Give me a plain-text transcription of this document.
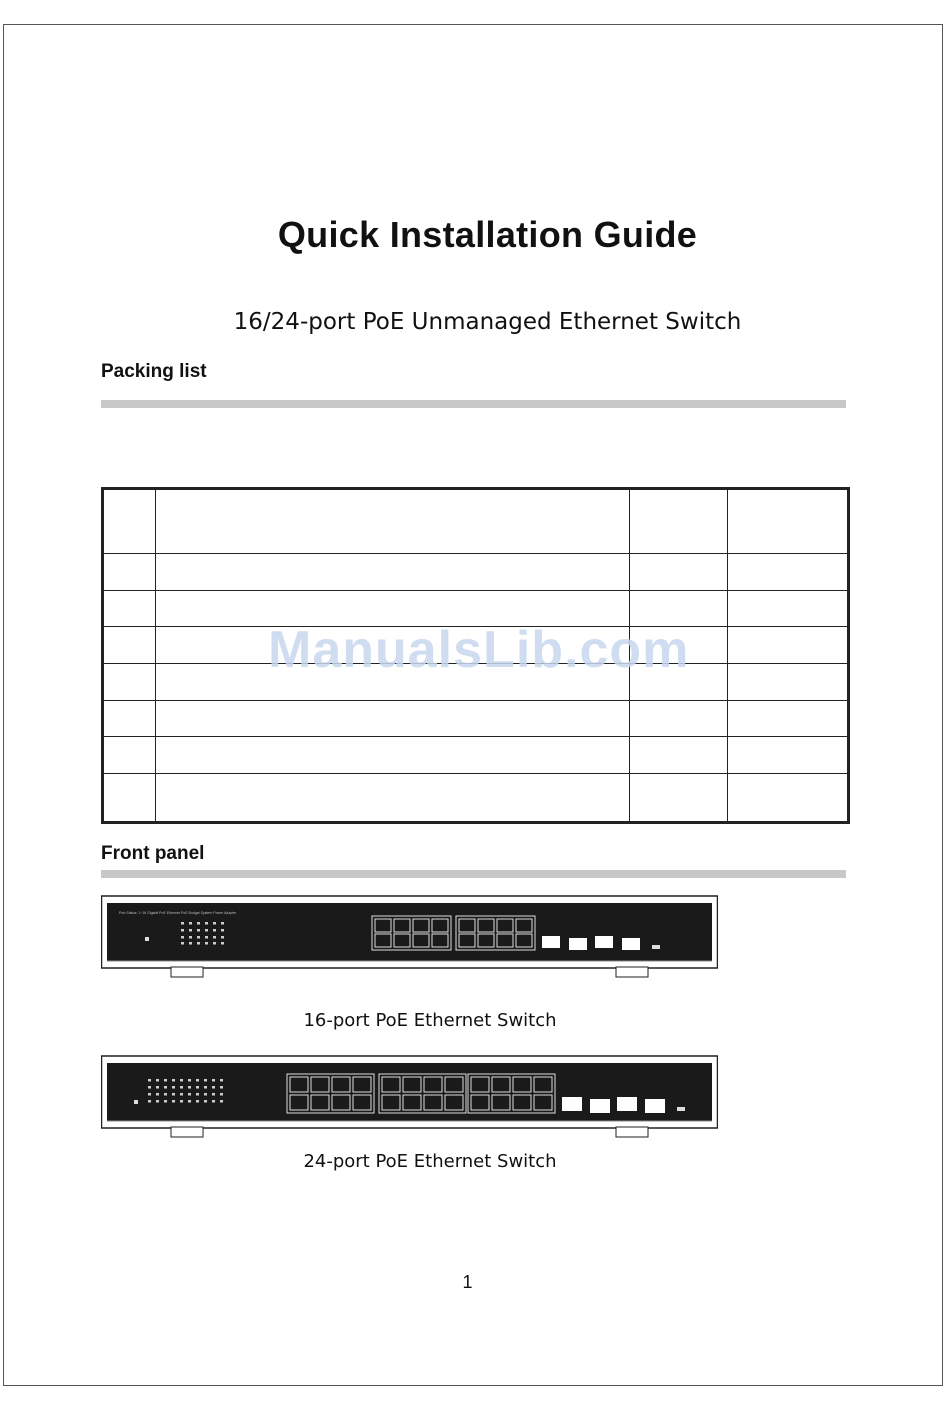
Quick Installation Guide
16/24-port PoE Unmanaged Ethernet Switch
Packing list

ManualsLib.com
Front panel
Port Status: 1~16 Gigabit PoE Ethernet PoE Budget System Power Adapter
16-port PoE Ethernet Switch
24-port PoE Ethernet Switch
1
